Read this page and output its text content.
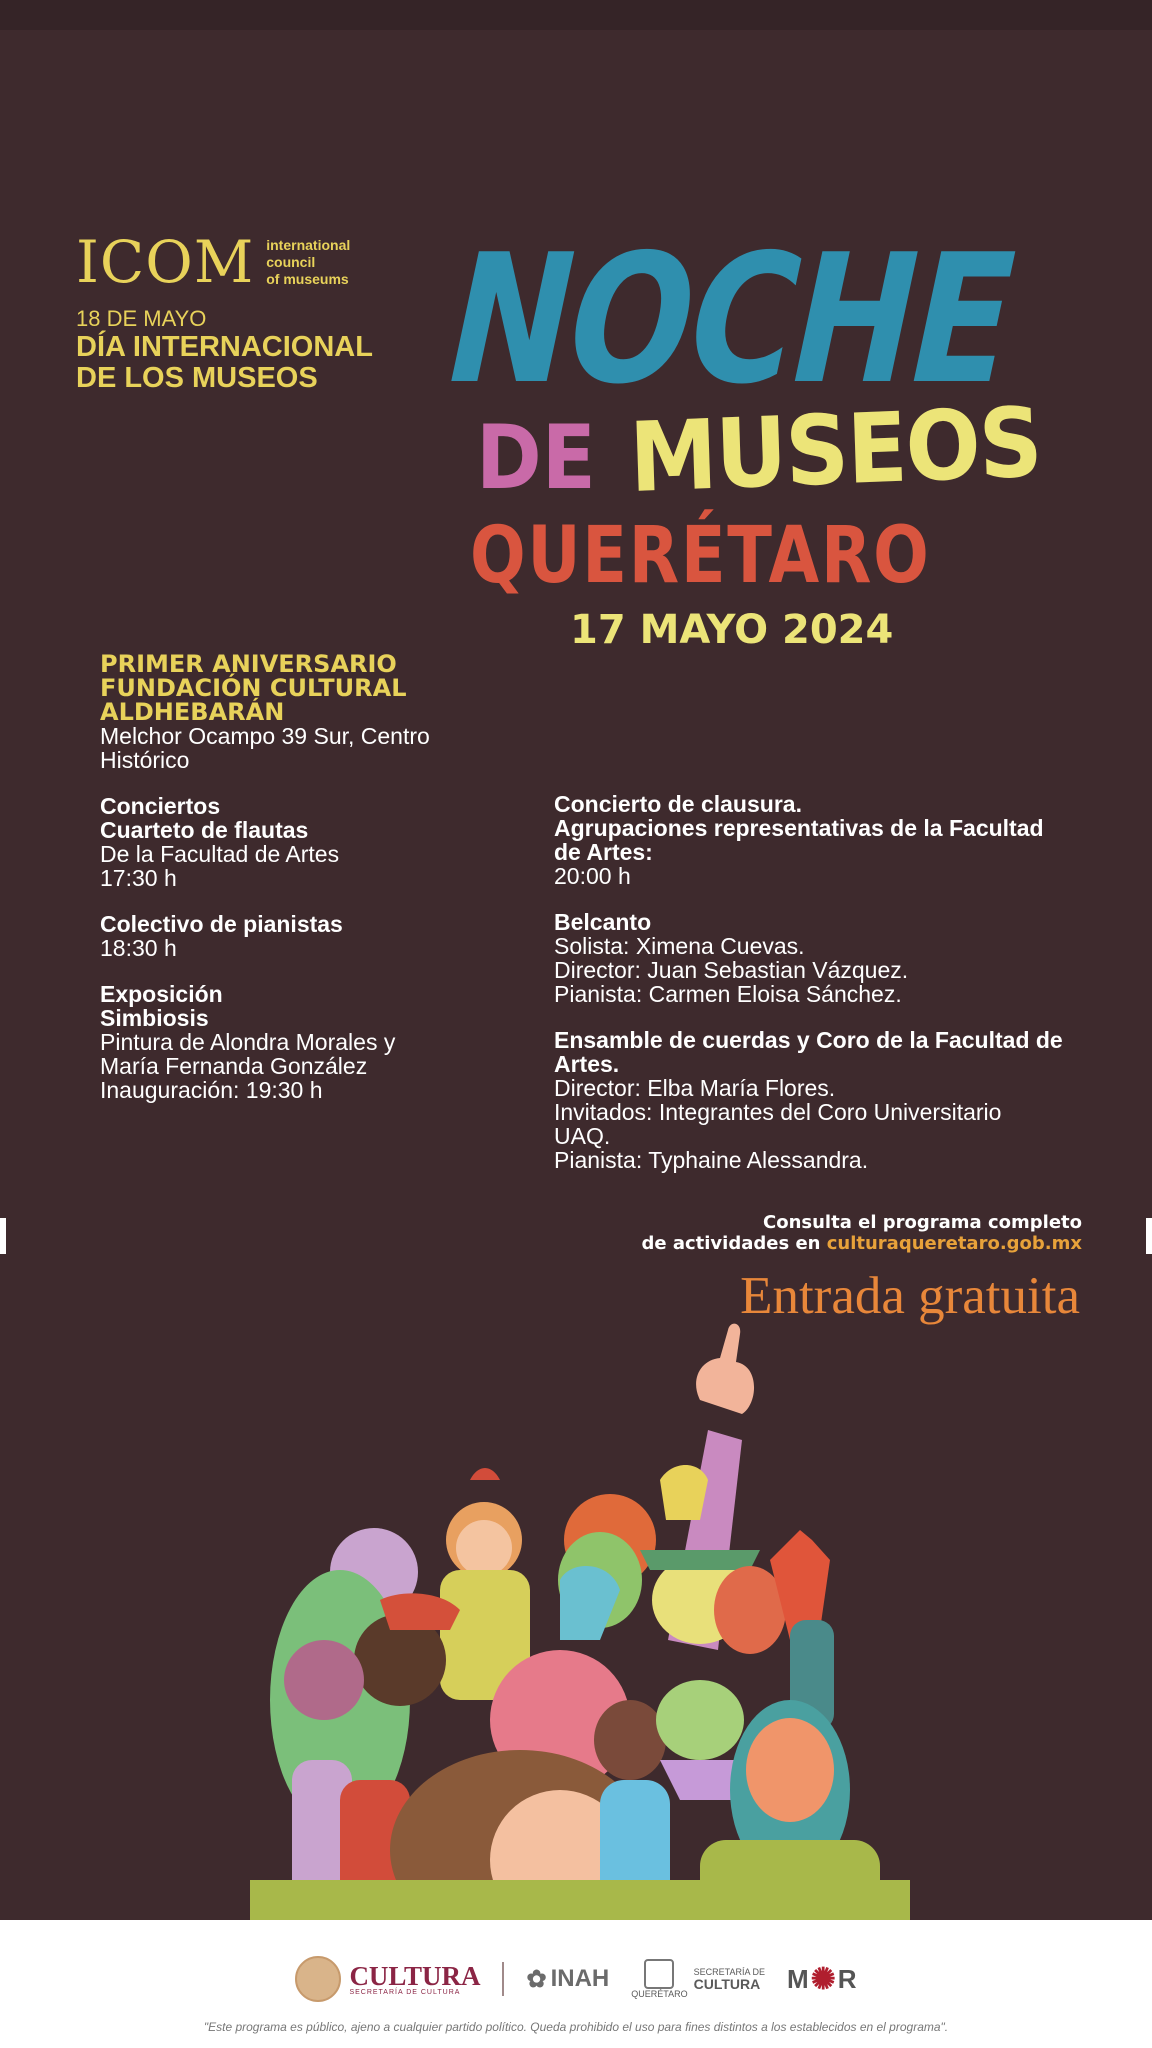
ICOM international
council
of museums
18 DE MAYO
DÍA INTERNACIONAL
DE LOS MUSEOS NOCHE
DE MUSEOS
QUERÉTARO
17 MAYO 2024
PRIMER ANIVERSARIO
FUNDACIÓN CULTURAL
ALDHEBARÁN
Melchor Ocampo 39 Sur, Centro
Histórico
Conciertos
Cuarteto de flautas
De la Facultad de Artes
17:30 h
Colectivo de pianistas
18:30 h
Exposición
Simbiosis
Pintura de Alondra Morales y
María Fernanda González
Inauguración: 19:30 h
Concierto de clausura.
Agrupaciones representativas de la Facultad
de Artes:
20:00 h
Belcanto
Solista: Ximena Cuevas.
Director: Juan Sebastian Vázquez.
Pianista: Carmen Eloisa Sánchez.
Ensamble de cuerdas y Coro de la Facultad de
Artes.
Director: Elba María Flores.
Invitados: Integrantes del Coro Universitario
UAQ.
Pianista: Typhaine Alessandra.
Consulta el programa completo
de actividades en culturaqueretaro.gob.mx
Entrada gratuita
CULTURA
SECRETARÍA DE CULTURA	✿ INAH
QUERÉTARO
SECRETARÍA DE
CULTURA M ✺ R
"Este programa es público, ajeno a cualquier partido político. Queda prohibido el uso para fines distintos a los establecidos en el programa".
